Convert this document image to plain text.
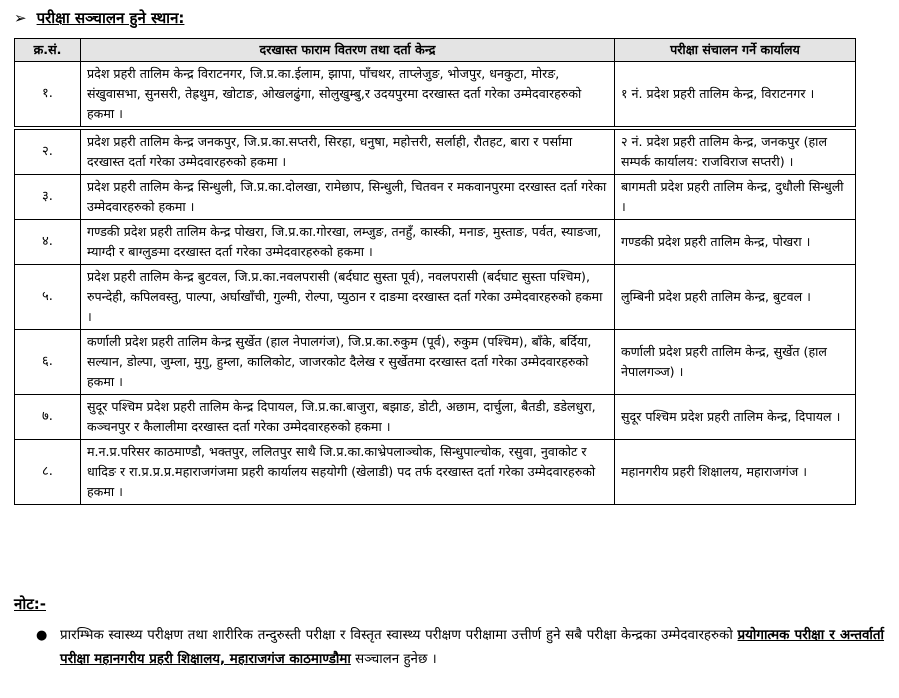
➢ परीक्षा सञ्चालन हुने स्थान:
क्र.सं.	दरखास्त फाराम वितरण तथा दर्ता केन्द्र	परीक्षा संचालन गर्ने कार्यालय
१.	प्रदेश प्रहरी तालिम केन्द्र विराटनगर, जि.प्र.का.ईलाम, झापा, पाँचथर, ताप्लेजुङ, भोजपुर, धनकुटा, मोरङ, संखुवासभा, सुनसरी, तेह्रथुम, खोटाङ, ओखलढुंगा, सोलुखुम्बु,र उदयपुरमा दरखास्त दर्ता गरेका उम्मेदवारहरुको हकमा ।	१ नं. प्रदेश प्रहरी तालिम केन्द्र, विराटनगर ।

२.	प्रदेश प्रहरी तालिम केन्द्र जनकपुर, जि.प्र.का.सप्तरी, सिरहा, धनुषा, महोत्तरी, सर्लाही, रौतहट, बारा र पर्सामा दरखास्त दर्ता गरेका उम्मेदवारहरुको हकमा ।	२ नं. प्रदेश प्रहरी तालिम केन्द्र, जनकपुर (हाल सम्पर्क कार्यालय: राजविराज सप्तरी) ।
३.	प्रदेश प्रहरी तालिम केन्द्र सिन्धुली, जि.प्र.का.दोलखा, रामेछाप, सिन्धुली, चितवन र मकवानपुरमा दरखास्त दर्ता गरेका उम्मेदवारहरुको हकमा ।	बागमती प्रदेश प्रहरी तालिम केन्द्र, दुधौली सिन्धुली ।
४.	गण्डकी प्रदेश प्रहरी तालिम केन्द्र पोखरा, जि.प्र.का.गोरखा, लम्जुङ, तनहुँ, कास्की, मनाङ, मुस्ताङ, पर्वत, स्याङजा, म्याग्दी र बाग्लुङमा दरखास्त दर्ता गरेका उम्मेदवारहरुको हकमा ।	गण्डकी प्रदेश प्रहरी तालिम केन्द्र, पोखरा ।
५.	प्रदेश प्रहरी तालिम केन्द्र बुटवल, जि.प्र.का.नवलपरासी (बर्दघाट सुस्ता पूर्व), नवलपरासी (बर्दघाट सुस्ता पश्चिम), रुपन्देही, कपिलवस्तु, पाल्पा, अर्घाखाँची, गुल्मी, रोल्पा, प्युठान र दाङमा दरखास्त दर्ता गरेका उम्मेदवारहरुको हकमा ।	लुम्बिनी प्रदेश प्रहरी तालिम केन्द्र, बुटवल ।
६.	कर्णाली प्रदेश प्रहरी तालिम केन्द्र सुर्खेत (हाल नेपालगंज), जि.प्र.का.रुकुम (पूर्व), रुकुम (पश्चिम), बाँके, बर्दिया, सल्यान, डोल्पा, जुम्ला, मुगु, हुम्ला, कालिकोट, जाजरकोट दैलेख र सुर्खेतमा दरखास्त दर्ता गरेका उम्मेदवारहरुको हकमा ।	कर्णाली प्रदेश प्रहरी तालिम केन्द्र, सुर्खेत (हाल नेपालगञ्ज) ।
७.	सुदूर पश्चिम प्रदेश प्रहरी तालिम केन्द्र दिपायल, जि.प्र.का.बाजुरा, बझाङ, डोटी, अछाम, दार्चुला, बैतडी, डडेलधुरा, कञ्चनपुर र कैलालीमा दरखास्त दर्ता गरेका उम्मेदवारहरुको हकमा ।	सुदूर पश्चिम प्रदेश प्रहरी तालिम केन्द्र, दिपायल ।
८.	म.न.प्र.परिसर काठमाण्डौ, भक्तपुर, ललितपुर साथै जि.प्र.का.काभ्रेपलाञ्चोक, सिन्धुपाल्चोक, रसुवा, नुवाकोट र धादिङ र रा.प्र.प्र.प्र.महाराजगंजमा प्रहरी कार्यालय सहयोगी (खेलाडी) पद तर्फ दरखास्त दर्ता गरेका उम्मेदवारहरुको हकमा ।	महानगरीय प्रहरी शिक्षालय, महाराजगंज ।
नोट:-
● प्रारम्भिक स्वास्थ्य परीक्षण तथा शारीरिक तन्दुरुस्ती परीक्षा र विस्तृत स्वास्थ्य परीक्षण परीक्षामा उत्तीर्ण हुने सबै परीक्षा केन्द्रका उम्मेदवारहरुको प्रयोगात्मक परीक्षा र अन्तर्वार्ता परीक्षा महानगरीय प्रहरी शिक्षालय, महाराजगंज काठमाण्डौमा सञ्चालन हुनेछ ।
